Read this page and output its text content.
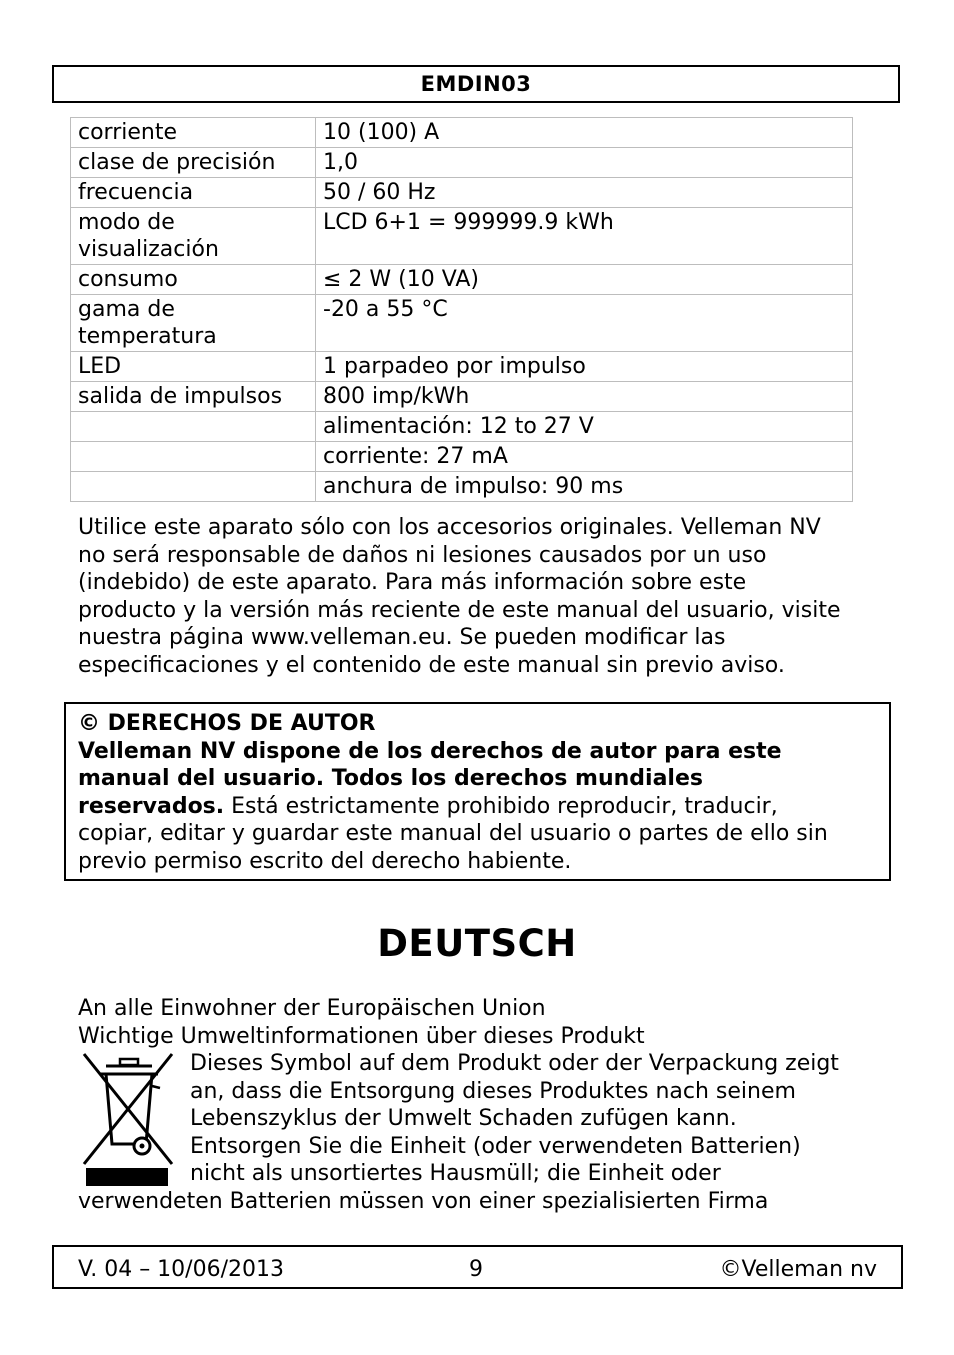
EMDIN03
corriente	10 (100) A
clase de precisión	1,0
frecuencia	50 / 60 Hz
modo de visualización	LCD 6+1 = 999999.9 kWh
consumo	≤ 2 W (10 VA)
gama de temperatura	-20 a 55 °C
LED	1 parpadeo por impulso
salida de impulsos	800 imp/kWh
	alimentación: 12 to 27 V
	corriente: 27 mA
	anchura de impulso: 90 ms
Utilice este aparato sólo con los accesorios originales. Velleman NV
no será responsable de daños ni lesiones causados por un uso
(indebido) de este aparato. Para más información sobre este
producto y la versión más reciente de este manual del usuario, visite
nuestra página www.velleman.eu. Se pueden modificar las
especificaciones y el contenido de este manual sin previo aviso.
© DERECHOS DE AUTOR
Velleman NV dispone de los derechos de autor para este
manual del usuario. Todos los derechos mundiales
reservados. Está estrictamente prohibido reproducir, traducir,
copiar, editar y guardar este manual del usuario o partes de ello sin
previo permiso escrito del derecho habiente.
DEUTSCH
An alle Einwohner der Europäischen Union
Wichtige Umweltinformationen über dieses Produkt
Dieses Symbol auf dem Produkt oder der Verpackung zeigt
an, dass die Entsorgung dieses Produktes nach seinem
Lebenszyklus der Umwelt Schaden zufügen kann.
Entsorgen Sie die Einheit (oder verwendeten Batterien)
nicht als unsortiertes Hausmüll; die Einheit oder
verwendeten Batterien müssen von einer spezialisierten Firma
V. 04 – 10/06/2013	9	©Velleman nv
